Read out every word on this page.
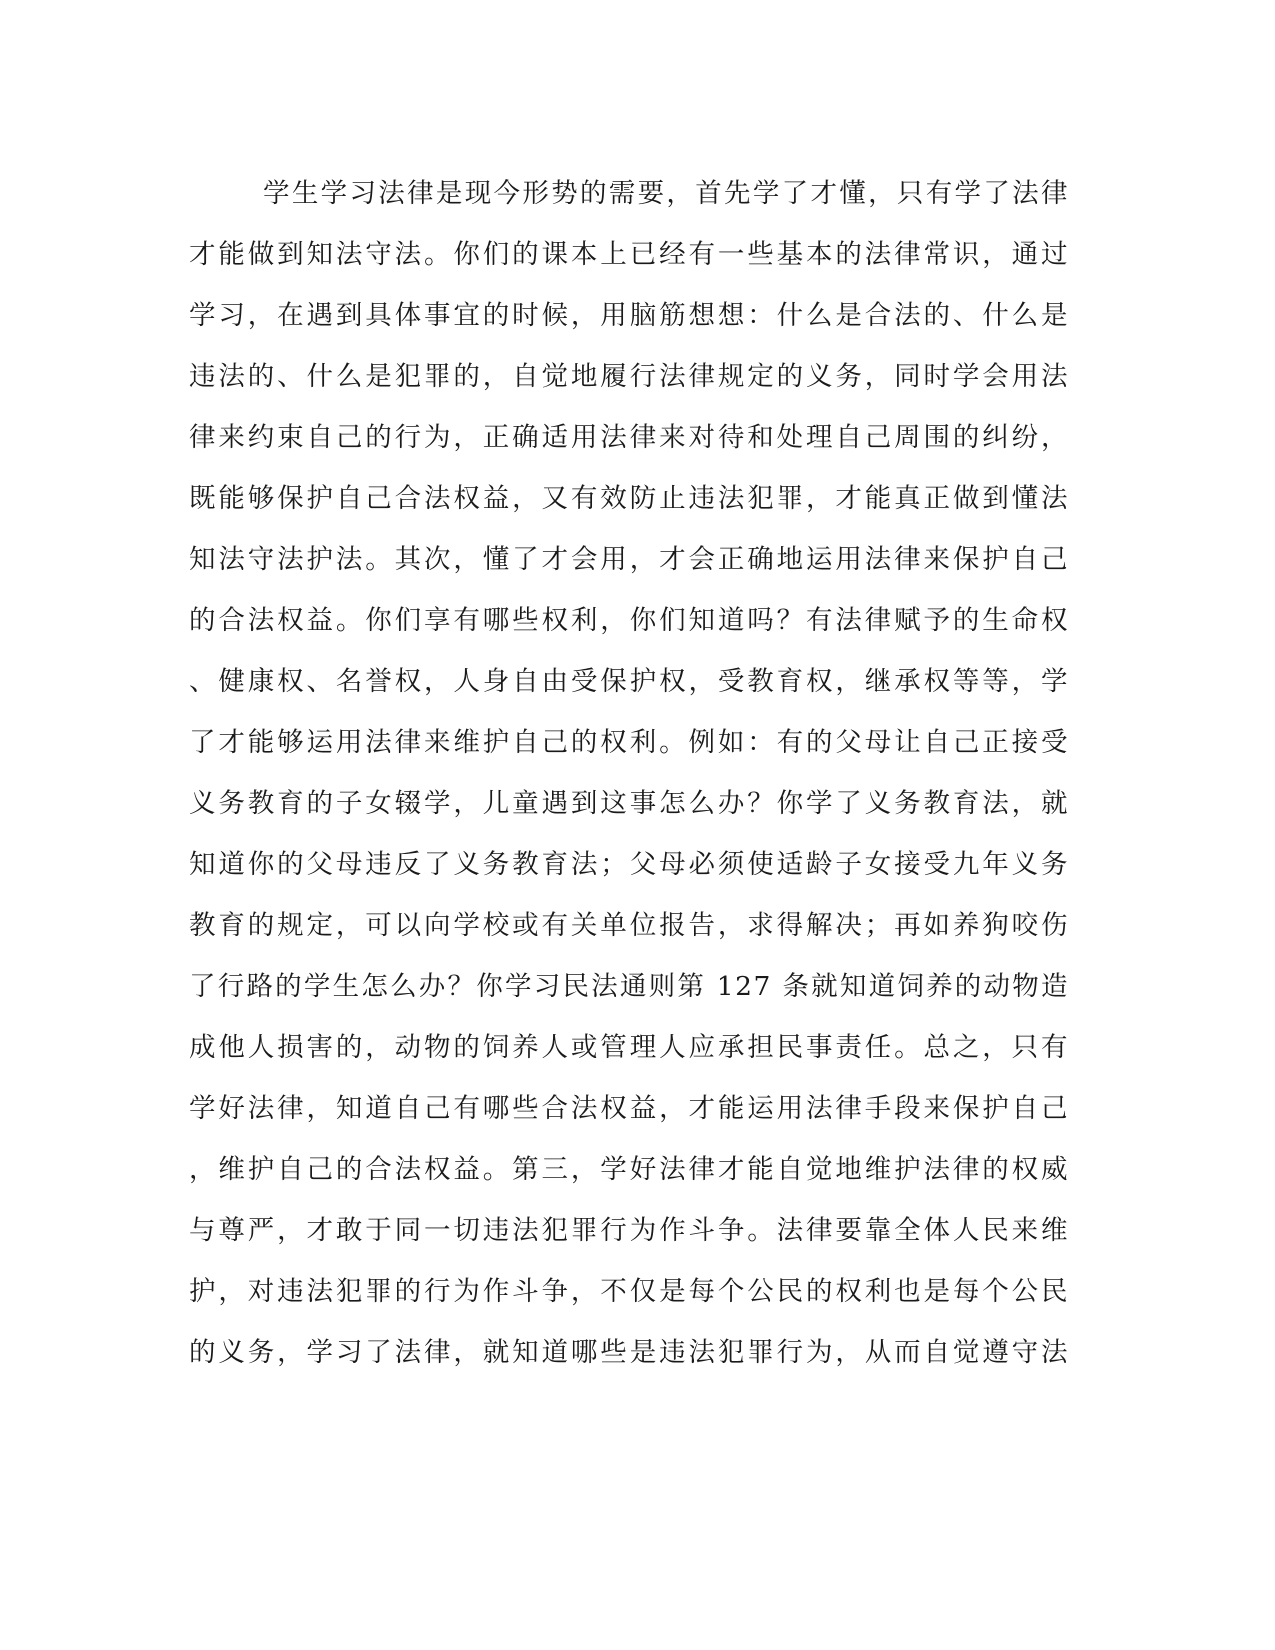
学生学习法律是现今形势的需要，首先学了才懂，只有学了法律
才能做到知法守法。你们的课本上已经有一些基本的法律常识，通过
学习，在遇到具体事宜的时候，用脑筋想想：什么是合法的、什么是
违法的、什么是犯罪的，自觉地履行法律规定的义务，同时学会用法
律来约束自己的行为，正确适用法律来对待和处理自己周围的纠纷，
既能够保护自己合法权益，又有效防止违法犯罪，才能真正做到懂法
知法守法护法。其次，懂了才会用，才会正确地运用法律来保护自己
的合法权益。你们享有哪些权利，你们知道吗？有法律赋予的生命权
、健康权、名誉权，人身自由受保护权，受教育权，继承权等等，学
了才能够运用法律来维护自己的权利。例如：有的父母让自己正接受
义务教育的子女辍学，儿童遇到这事怎么办？你学了义务教育法，就
知道你的父母违反了义务教育法；父母必须使适龄子女接受九年义务
教育的规定，可以向学校或有关单位报告，求得解决；再如养狗咬伤
了行路的学生怎么办？你学习民法通则第 127 条就知道饲养的动物造
成他人损害的，动物的饲养人或管理人应承担民事责任。总之，只有
学好法律，知道自己有哪些合法权益，才能运用法律手段来保护自己
，维护自己的合法权益。第三，学好法律才能自觉地维护法律的权威
与尊严，才敢于同一切违法犯罪行为作斗争。法律要靠全体人民来维
护，对违法犯罪的行为作斗争，不仅是每个公民的权利也是每个公民
的义务，学习了法律，就知道哪些是违法犯罪行为，从而自觉遵守法
